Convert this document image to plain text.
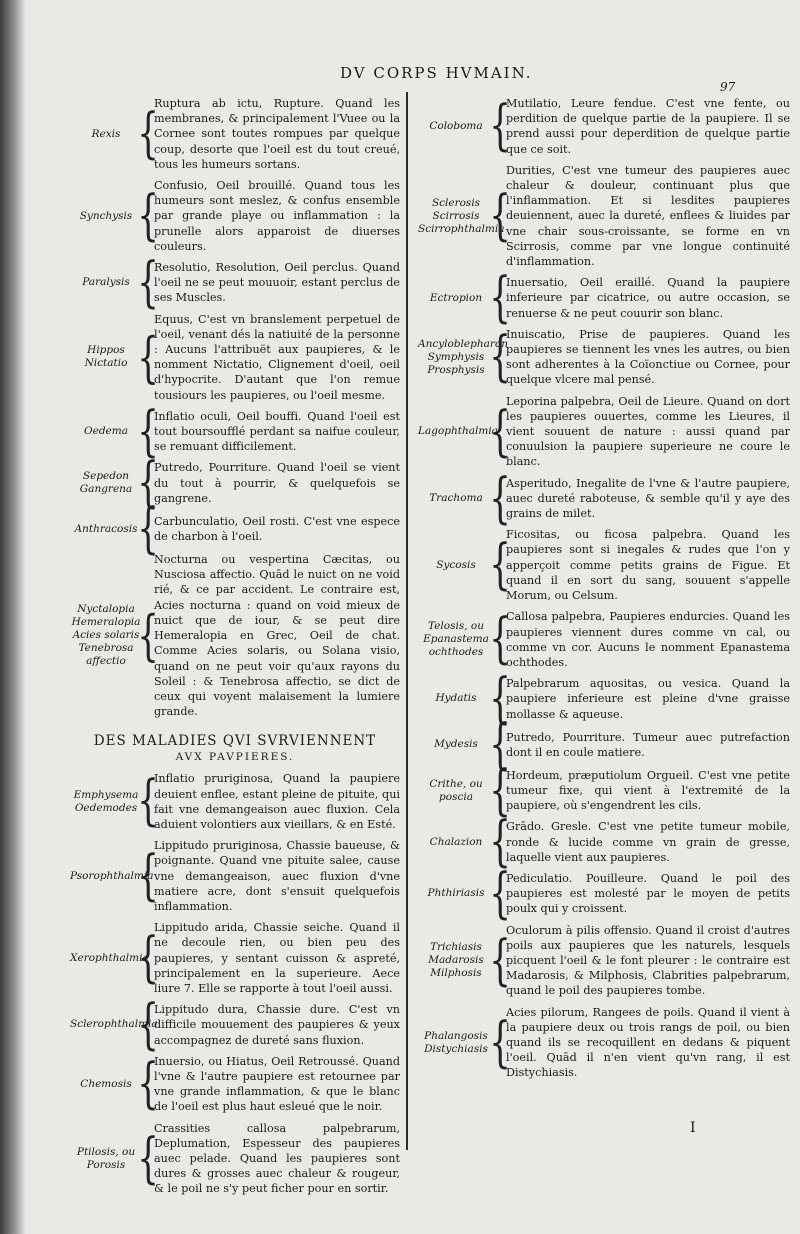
DV CORPS HVMAIN.
97
Rexis {
Ruptura ab ictu, Rupture. Quand les membranes, & principalement l'Vuee ou la Cornee sont toutes rompues par quelque coup, desorte que l'oeil est du tout creué, tous les humeurs sortans.
Synchysis {
Confusio, Oeil brouillé. Quand tous les humeurs sont meslez, & confus ensemble par grande playe ou inflammation : la prunelle alors apparoist de diuerses couleurs.
Paralysis {
Resolutio, Resolution, Oeil perclus. Quand l'oeil ne se peut mouuoir, estant perclus de ses Muscles.
Hippos
Nictatio {
Equus, C'est vn branslement perpetuel de l'oeil, venant dés la natiuité de la personne : Aucuns l'attribuët aux paupieres, & le nomment Nictatio, Clignement d'oeil, oeil d'hypocrite. D'autant que l'on remue tousiours les paupieres, ou l'oeil mesme.
Oedema {
Inflatio oculi, Oeil bouffi. Quand l'oeil est tout boursoufflé perdant sa naifue couleur, se remuant difficilement.
Sepedon
Gangrena {
Putredo, Pourriture. Quand l'oeil se vient du tout à pourrir, & quelquefois se gangrene.
Anthracosis {
Carbunculatio, Oeil rosti. C'est vne espece de charbon à l'oeil.
Nyctalopia
Hemeralopia
Acies solaris
Tenebrosa
affectio {
Nocturna ou vespertina Cæcitas, ou Nusciosa affectio. Quād le nuict on ne void rié, & ce par accident. Le contraire est, Acies nocturna : quand on void mieux de nuict que de iour, & se peut dire Hemeralopia en Grec, Oeil de chat. Comme Acies solaris, ou Solana visio, quand on ne peut voir qu'aux rayons du Soleil : & Tenebrosa affectio, se dict de ceux qui voyent malaisement la lumiere grande.
DES MALADIES QVI SVRVIENNENT
AVX PAVPIERES.
Emphysema
Oedemodes {
Inflatio pruriginosa, Quand la paupiere deuient enflee, estant pleine de pituite, qui fait vne demangeaison auec fluxion. Cela aduient volontiers aux vieillars, & en Esté.
Psorophthalmia
{
Lippitudo pruriginosa, Chassie baueuse, & poignante. Quand vne pituite salee, cause vne demangeaison, auec fluxion d'vne matiere acre, dont s'ensuit quelquefois inflammation.
Xerophthalmia
{
Lippitudo arida, Chassie seiche. Quand il ne decoule rien, ou bien peu des paupieres, y sentant cuisson & aspreté, principalement en la superieure. Aece liure 7. Elle se rapporte à tout l'oeil aussi.
Sclerophthalmia
{
Lippitudo dura, Chassie dure. C'est vn difficile mouuement des paupieres & yeux accompagnez de dureté sans fluxion.
Chemosis {
Inuersio, ou Hiatus, Oeil Retroussé. Quand l'vne & l'autre paupiere est retournee par vne grande inflammation, & que le blanc de l'oeil est plus haut esleué que le noir.
Ptilosis, ou
Porosis {
Crassities callosa palpebrarum, Deplumation, Espesseur des paupieres auec pelade. Quand les paupieres sont dures & grosses auec chaleur & rougeur, & le poil ne s'y peut ficher pour en sortir.
Coloboma {
Mutilatio, Leure fendue. C'est vne fente, ou perdition de quelque partie de la paupiere. Il se prend aussi pour deperdition de quelque partie que ce soit.
Sclerosis
Scirrosis
Scirrophthalmia
{
Durities, C'est vne tumeur des paupieres auec chaleur & douleur, continuant plus que l'inflammation. Et si lesdites paupieres deuiennent, auec la dureté, enflees & liuides par vne chair sous-croissante, se forme en vn Scirrosis, comme par vne longue continuité d'inflammation.
Ectropion {
Inuersatio, Oeil eraillé. Quand la paupiere inferieure par cicatrice, ou autre occasion, se renuerse & ne peut couurir son blanc.
Ancyloblepharon
Symphysis
Prosphysis {
Inuiscatio, Prise de paupieres. Quand les paupieres se tiennent les vnes les autres, ou bien sont adherentes à la Coïonctiue ou Cornee, pour quelque vlcere mal pensé.
Lagophthalmia
{
Leporina palpebra, Oeil de Lieure. Quand on dort les paupieres ouuertes, comme les Lieures, il vient souuent de nature : aussi quand par conuulsion la paupiere superieure ne coure le blanc.
Trachoma {
Asperitudo, Inegalite de l'vne & l'autre paupiere, auec dureté raboteuse, & semble qu'il y aye des grains de milet.
Sycosis {
Ficositas, ou ficosa palpebra. Quand les paupieres sont si inegales & rudes que l'on y apperçoit comme petits grains de Figue. Et quand il en sort du sang, souuent s'appelle Morum, ou Celsum.
Telosis, ou
Epanastema
ochthodes {
Callosa palpebra, Paupieres endurcies. Quand les paupieres viennent dures comme vn cal, ou comme vn cor. Aucuns le nomment Epanastema ochthodes.
Hydatis {
Palpebrarum aquositas, ou vesica. Quand la paupiere inferieure est pleine d'vne graisse mollasse & aqueuse.
Mydesis {
Putredo, Pourriture. Tumeur auec putrefaction dont il en coule matiere.
Crithe, ou poscia {
Hordeum, præputiolum Orgueil. C'est vne petite tumeur fixe, qui vient à l'extremité de la paupiere, où s'engendrent les cils.
Chalazion {
Grādo. Gresle. C'est vne petite tumeur mobile, ronde & lucide comme vn grain de gresse, laquelle vient aux paupieres.
Phthiriasis {
Pediculatio. Pouilleure. Quand le poil des paupieres est molesté par le moyen de petits poulx qui y croissent.
Trichiasis
Madarosis
Milphosis {
Oculorum à pilis offensio. Quand il croist d'autres poils aux paupieres que les naturels, lesquels picquent l'oeil & le font pleurer : le contraire est Madarosis, & Milphosis, Clabrities palpebrarum, quand le poil des paupieres tombe.
Phalangosis
Distychiasis {
Acies pilorum, Rangees de poils. Quand il vient à la paupiere deux ou trois rangs de poil, ou bien quand ils se recoquillent en dedans & piquent l'oeil. Quād il n'en vient qu'vn rang, il est Distychiasis.
I
